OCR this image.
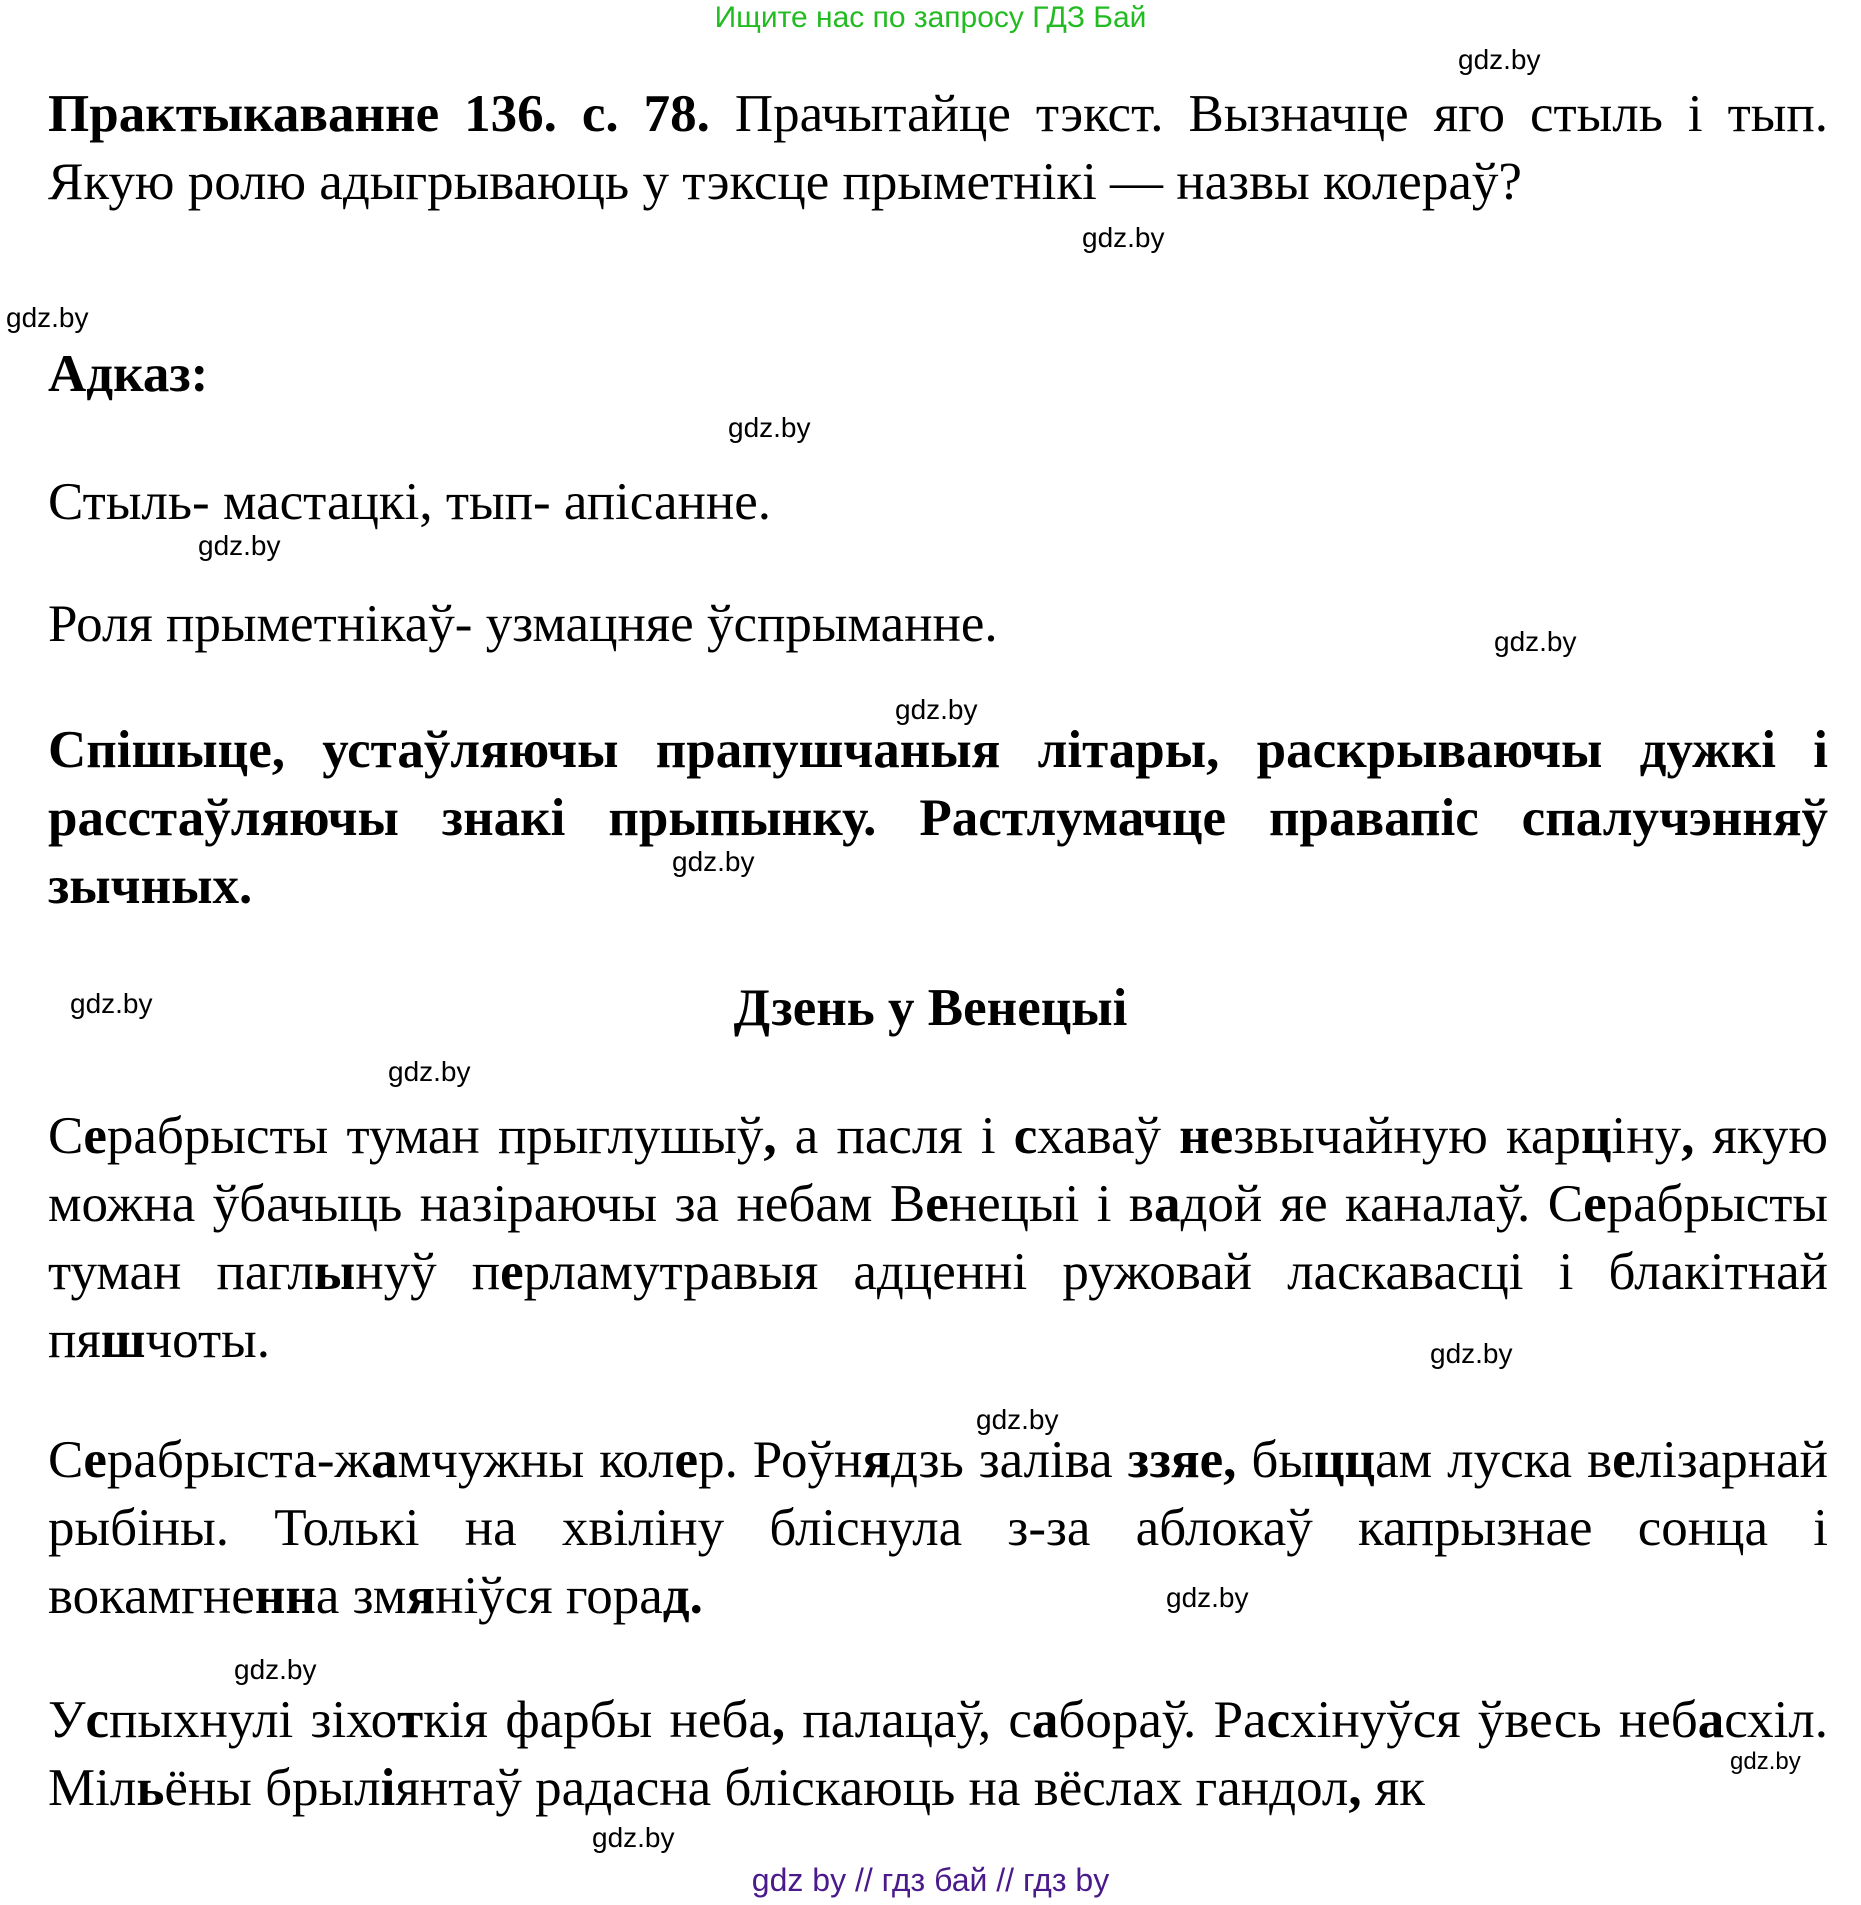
Ищите нас по запросу ГДЗ Бай
gdz.by
gdz.by
gdz.by
gdz.by
gdz.by
gdz.by
gdz.by
gdz.by
gdz.by
gdz.by
gdz.by
gdz.by
gdz.by
gdz.by
gdz.by
gdz.by
Практыкаванне 136. с. 78. Прачытайце тэкст. Вызначце яго стыль і тып. Якую ролю адыгрываюць у тэксце прыметнікі — назвы колераў?
Адказ:
Стыль- мастацкі, тып- апісанне.
Роля прыметнікаў- узмацняе ўспрыманне.
Спішыце, устаўляючы прапушчаныя літары, раскрываючы дужкі і расстаўляючы знакі прыпынку. Растлумачце правапіс спалучэнняў зычных.
Дзень у Венецыі
Серабрысты туман прыглушыў, а пасля і схаваў незвычайную карціну, якую можна ўбачыць назіраючы за небам Венецыі і вадой яе каналаў. Серабрысты туман паглынуў перламутравыя адценні ружовай ласкавасці і блакітнай пяшчоты.
Серабрыста-жамчужны колер. Роўнядзь залiва ззяе, быццам луска велізарнай рыбіны. Толькі на хвіліну бліснула з-за аблокаў капрызнае сонца і вокамгненна змяніўся горад.
Успыхнулі зіхоткія фарбы неба, палацаў, сабораў. Расхінуўся ўвесь небасхіл. Мільёны брыліянтаў радасна бліскаюць на вёслах гандол, як
gdz by // гдз бай // гдз by
